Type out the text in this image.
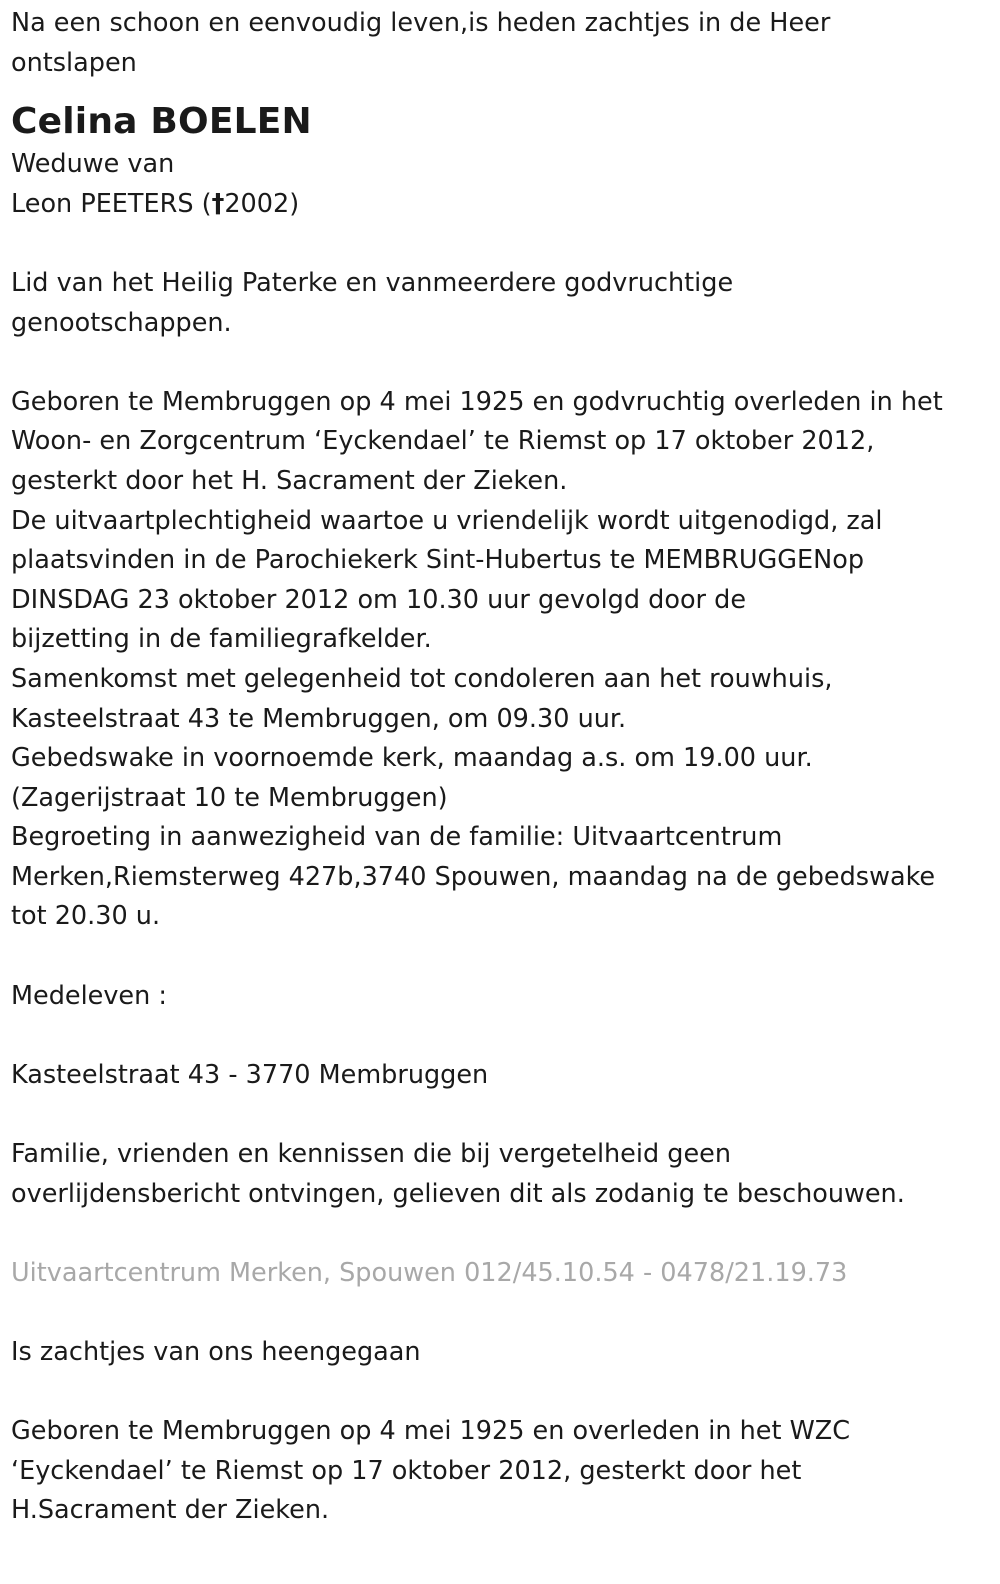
Na een schoon en eenvoudig leven,is heden zachtjes in de Heer

ontslapen

Celina BOELEN

Weduwe van

Leon PEETERS (†2002)

Lid van het Heilig Paterke en vanmeerdere godvruchtige

genootschappen.

Geboren te Membruggen op 4 mei 1925 en godvruchtig overleden in het

Woon- en Zorgcentrum ‘Eyckendael’ te Riemst op 17 oktober 2012,

gesterkt door het H. Sacrament der Zieken.

De uitvaartplechtigheid waartoe u vriendelijk wordt uitgenodigd, zal

plaatsvinden in de Parochiekerk Sint-Hubertus te MEMBRUGGENop

DINSDAG 23 oktober 2012 om 10.30 uur gevolgd door de

bijzetting in de familiegrafkelder.

Samenkomst met gelegenheid tot condoleren aan het rouwhuis,

Kasteelstraat 43 te Membruggen, om 09.30 uur.

Gebedswake in voornoemde kerk, maandag a.s. om 19.00 uur.

(Zagerijstraat 10 te Membruggen)

Begroeting in aanwezigheid van de familie: Uitvaartcentrum

Merken,Riemsterweg 427b,3740 Spouwen, maandag na de gebedswake

tot 20.30 u.

Medeleven :

Kasteelstraat 43 - 3770 Membruggen

Familie, vrienden en kennissen die bij vergetelheid geen

overlijdensbericht ontvingen, gelieven dit als zodanig te beschouwen.

Uitvaartcentrum Merken, Spouwen 012/45.10.54 - 0478/21.19.73

Is zachtjes van ons heengegaan

Geboren te Membruggen op 4 mei 1925 en overleden in het WZC

‘Eyckendael’ te Riemst op 17 oktober 2012, gesterkt door het

H.Sacrament der Zieken.
